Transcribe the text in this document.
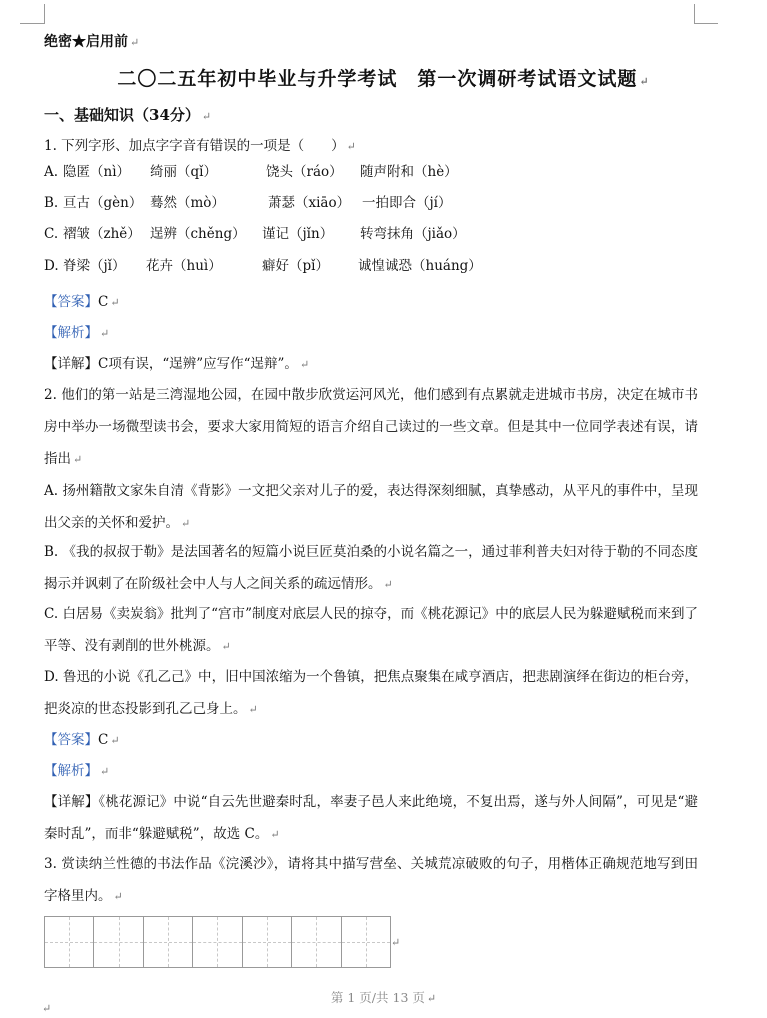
绝密★启用前 ↵
二〇二五年初中毕业与升学考试　第一次调研考试语文试题 ↵
一、基础知识（34分） ↵
1. 下列字形、加点字字音有错误的一项是（　　） ↵
A. 隐匿（nì） 绮丽（qǐ）	饶头（ráo） 随声附和（hè）
B. 亘古（gèn） 蓦然（mò）	萧瑟（xiāo） 一拍即合（jí）
C. 褶皱（zhě） 逞辨（chěng） 谨记（jǐn） 转弯抹角（jiǎo）
D. 脊梁（jǐ） 花卉（huì）	癖好（pǐ） 诚惶诚恐（huáng）
【答案】C ↵
【解析】 ↵
【详解】C项有误，“逞辨”应写作“逞辩”。 ↵
2. 他们的第一站是三湾湿地公园，在园中散步欣赏运河风光，他们感到有点累就走进城市书房，决定在城市书房中举办一场微型读书会，要求大家用简短的语言介绍自己读过的一些文章。但是其中一位同学表述有误，请指出 ↵
A. 扬州籍散文家朱自清《背影》一文把父亲对儿子的爱，表达得深刻细腻，真挚感动，从平凡的事件中，呈现出父亲的关怀和爱护。 ↵
B. 《我的叔叔于勒》是法国著名的短篇小说巨匠莫泊桑的小说名篇之一，通过菲利普夫妇对待于勒的不同态度揭示并讽刺了在阶级社会中人与人之间关系的疏远情形。 ↵
C. 白居易《卖炭翁》批判了“宫市”制度对底层人民的掠夺，而《桃花源记》中的底层人民为躲避赋税而来到了平等、没有剥削的世外桃源。 ↵
D. 鲁迅的小说《孔乙己》中，旧中国浓缩为一个鲁镇，把焦点聚集在咸亨酒店，把悲剧演绎在街边的柜台旁，把炎凉的世态投影到孔乙己身上。 ↵
【答案】C ↵
【解析】 ↵
【详解】《桃花源记》中说“自云先世避秦时乱，率妻子邑人来此绝境，不复出焉，遂与外人间隔”，可见是“避秦时乱”，而非“躲避赋税”，故选 C。 ↵
3. 赏读纳兰性德的书法作品《浣溪沙》，请将其中描写营垒、关城荒凉破败的句子，用楷体正确规范地写到田字格里内。 ↵
↵
第 1 页/共 13 页 ↵
↵
